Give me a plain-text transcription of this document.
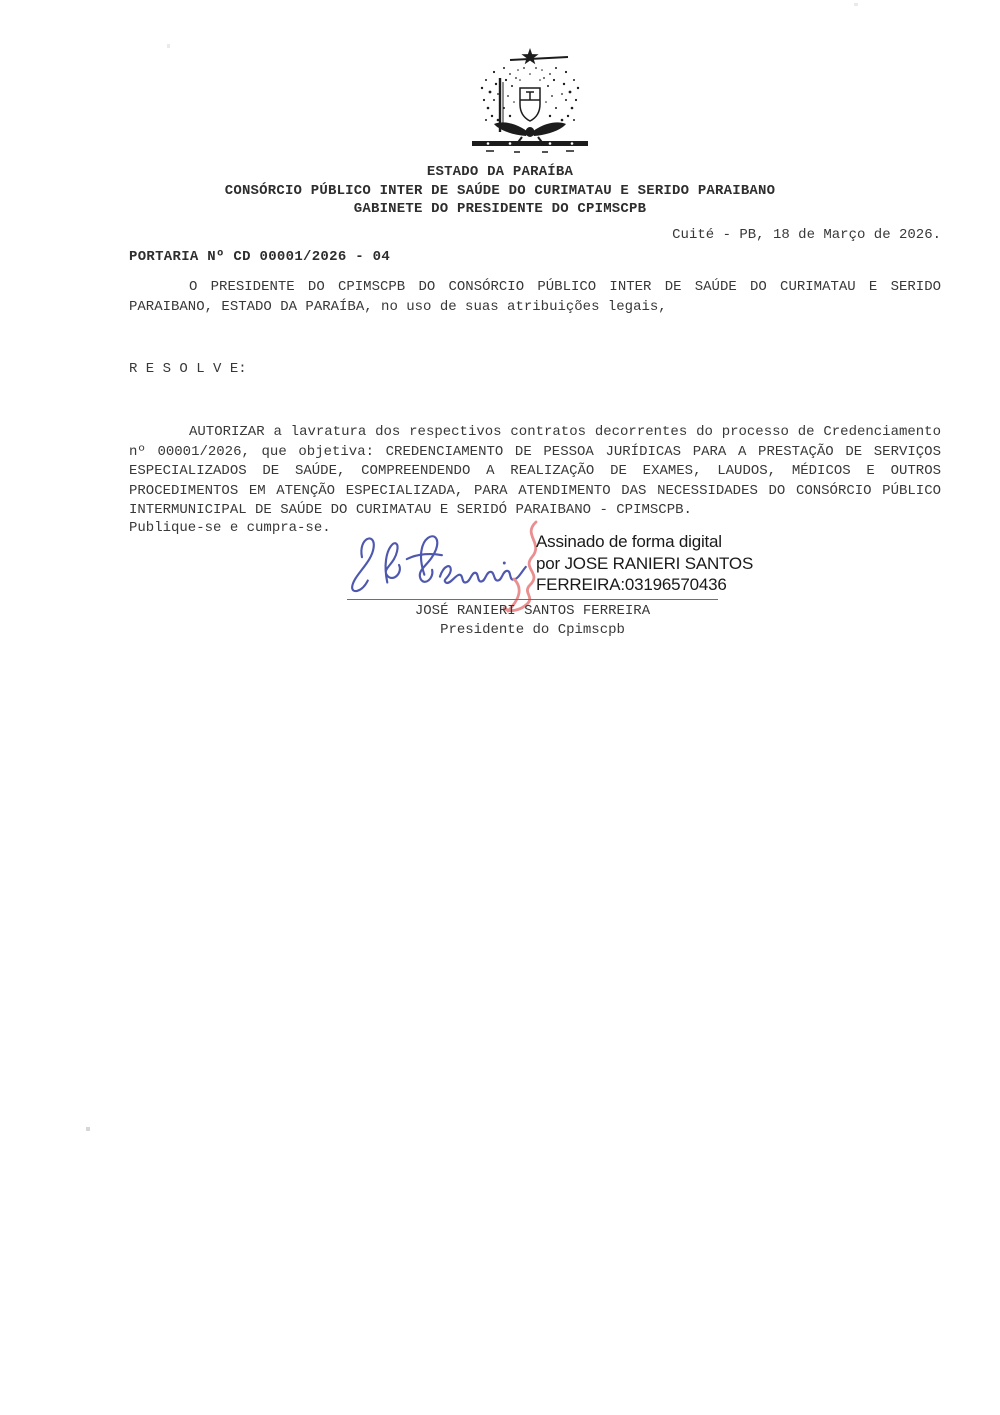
ESTADO DA PARAÍBA
CONSÓRCIO PÚBLICO INTER DE SAÚDE DO CURIMATAU E SERIDO PARAIBANO
GABINETE DO PRESIDENTE DO CPIMSCPB
Cuité - PB, 18 de Março de 2026.
PORTARIA Nº CD 00001/2026 - 04
O PRESIDENTE DO CPIMSCPB DO CONSÓRCIO PÚBLICO INTER DE SAÚDE DO CURIMATAU E SERIDO PARAIBANO, ESTADO DA PARAÍBA, no uso de suas atribuições legais,
R E S O L V E:
AUTORIZAR a lavratura dos respectivos contratos decorrentes do processo de Credenciamento nº 00001/2026, que objetiva: CREDENCIAMENTO DE PESSOA JURÍDICAS PARA A PRESTAÇÃO DE SERVIÇOS ESPECIALIZADOS DE SAÚDE, COMPREENDENDO A REALIZAÇÃO DE EXAMES, LAUDOS, MÉDICOS E OUTROS PROCEDIMENTOS EM ATENÇÃO ESPECIALIZADA, PARA ATENDIMENTO DAS NECESSIDADES DO CONSÓRCIO PÚBLICO INTERMUNICIPAL DE SAÚDE DO CURIMATAU E SERIDÓ PARAIBANO - CPIMSCPB.
Publique-se e cumpra-se.
Assinado de forma digital
por JOSE RANIERI SANTOS
FERREIRA:03196570436
JOSÉ RANIERI SANTOS FERREIRA
Presidente do Cpimscpb
